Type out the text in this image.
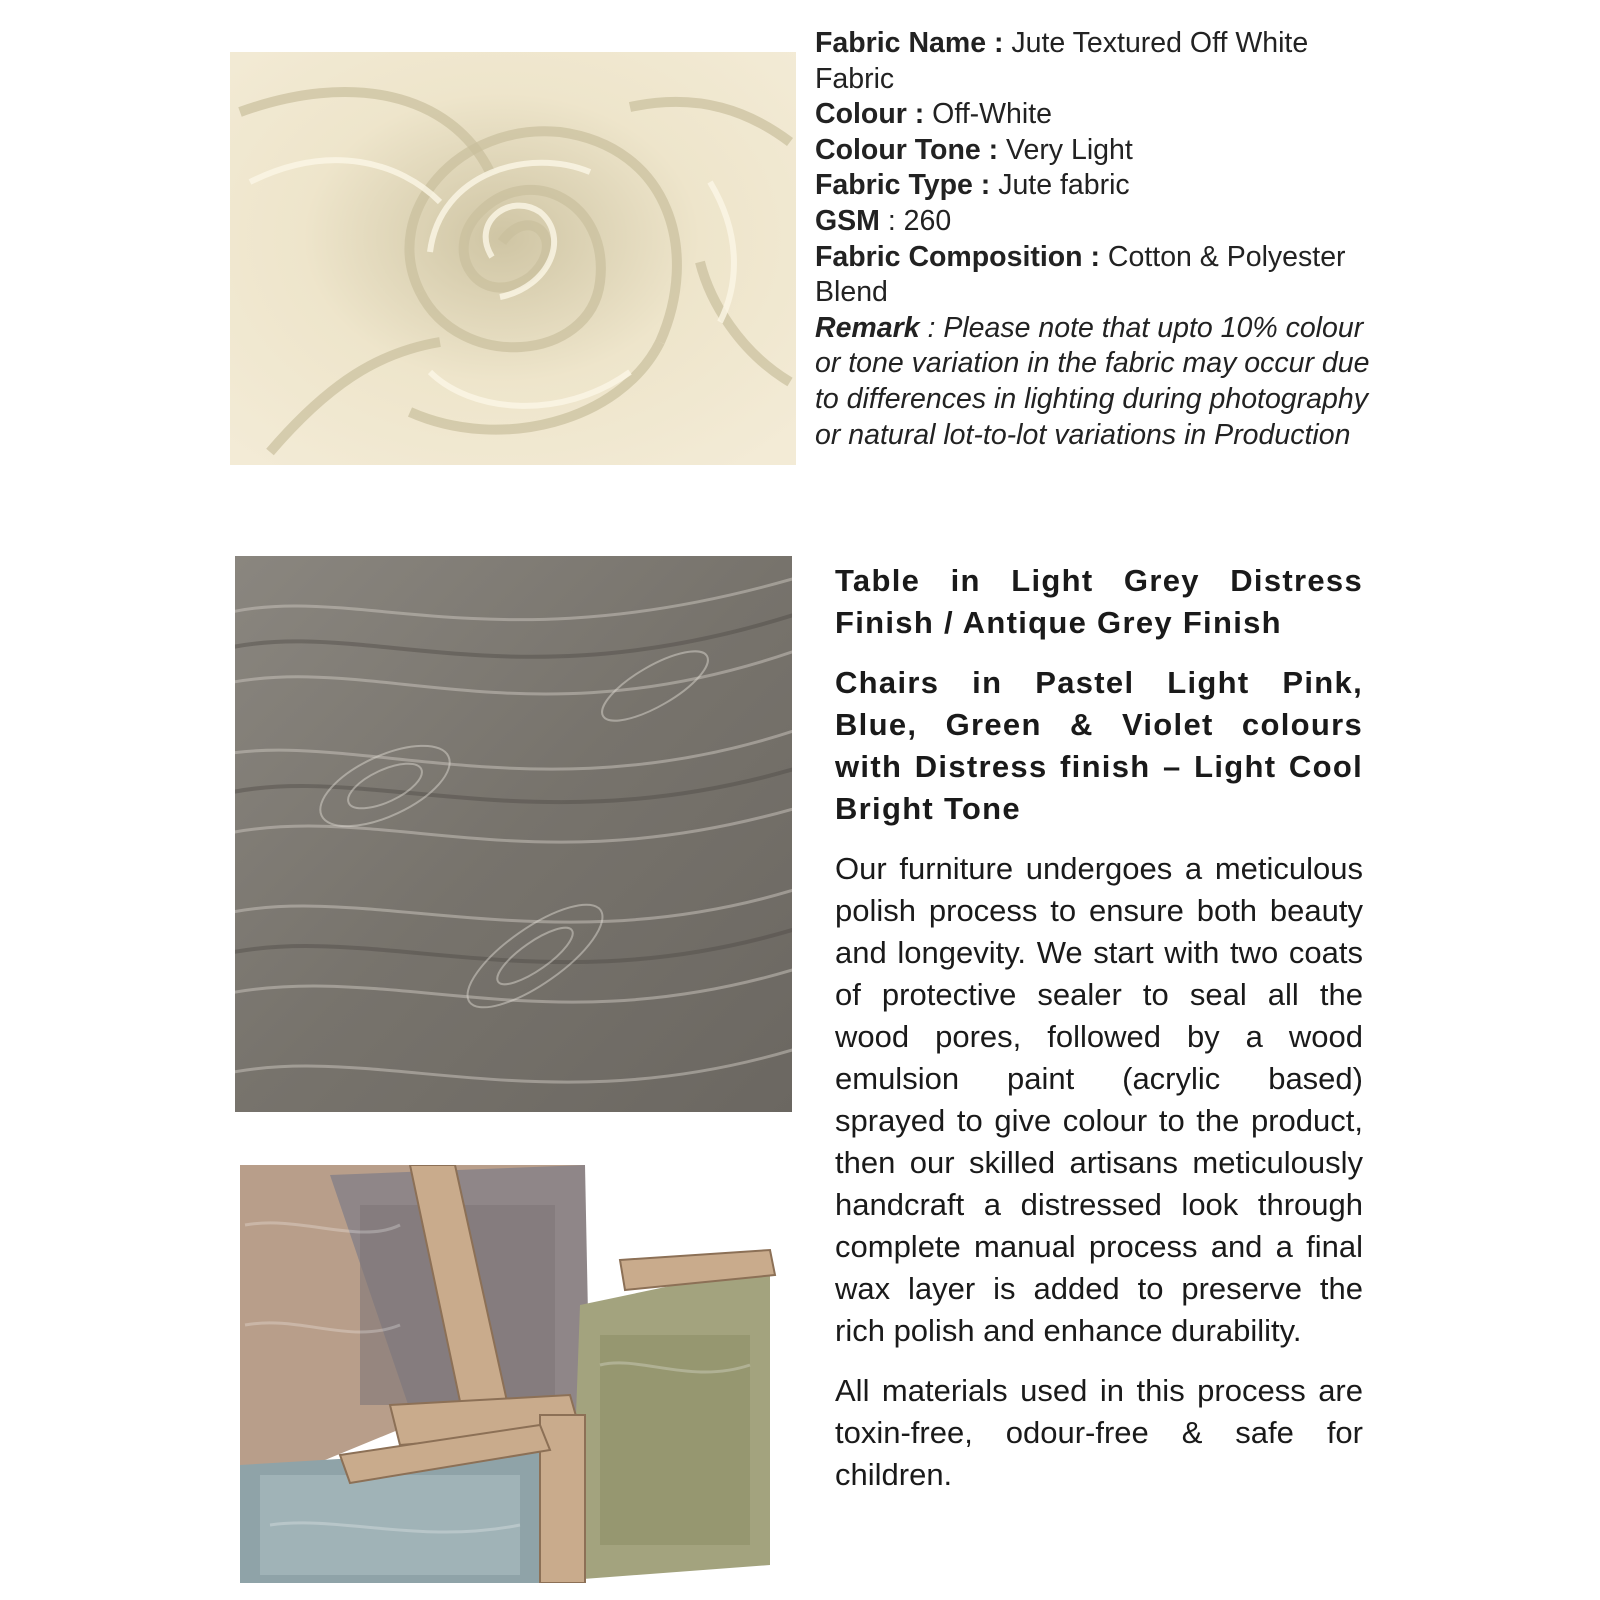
Fabric Name : Jute Textured Off White Fabric

Colour : Off-White

Colour Tone : Very Light

Fabric Type : Jute fabric

GSM : 260

Fabric Composition : Cotton & Polyester Blend

Remark : Please note that upto 10% colour or tone variation in the fabric may occur due to differences in lighting during photography or natural lot-to-lot variations in Production

Table in Light Grey Distress Finish / Antique Grey Finish

Chairs in Pastel Light Pink, Blue, Green & Violet colours with Distress finish – Light Cool Bright Tone

Our furniture undergoes a meticulous polish process to ensure both beauty and longevity. We start with two coats of protective sealer to seal all the wood pores, followed by a wood emulsion paint (acrylic based) sprayed to give colour to the product, then our skilled artisans meticulously handcraft a distressed look through complete manual process and a final wax layer is added to preserve the rich polish and enhance durability.

All materials used in this process are toxin-free, odour-free & safe for children.
